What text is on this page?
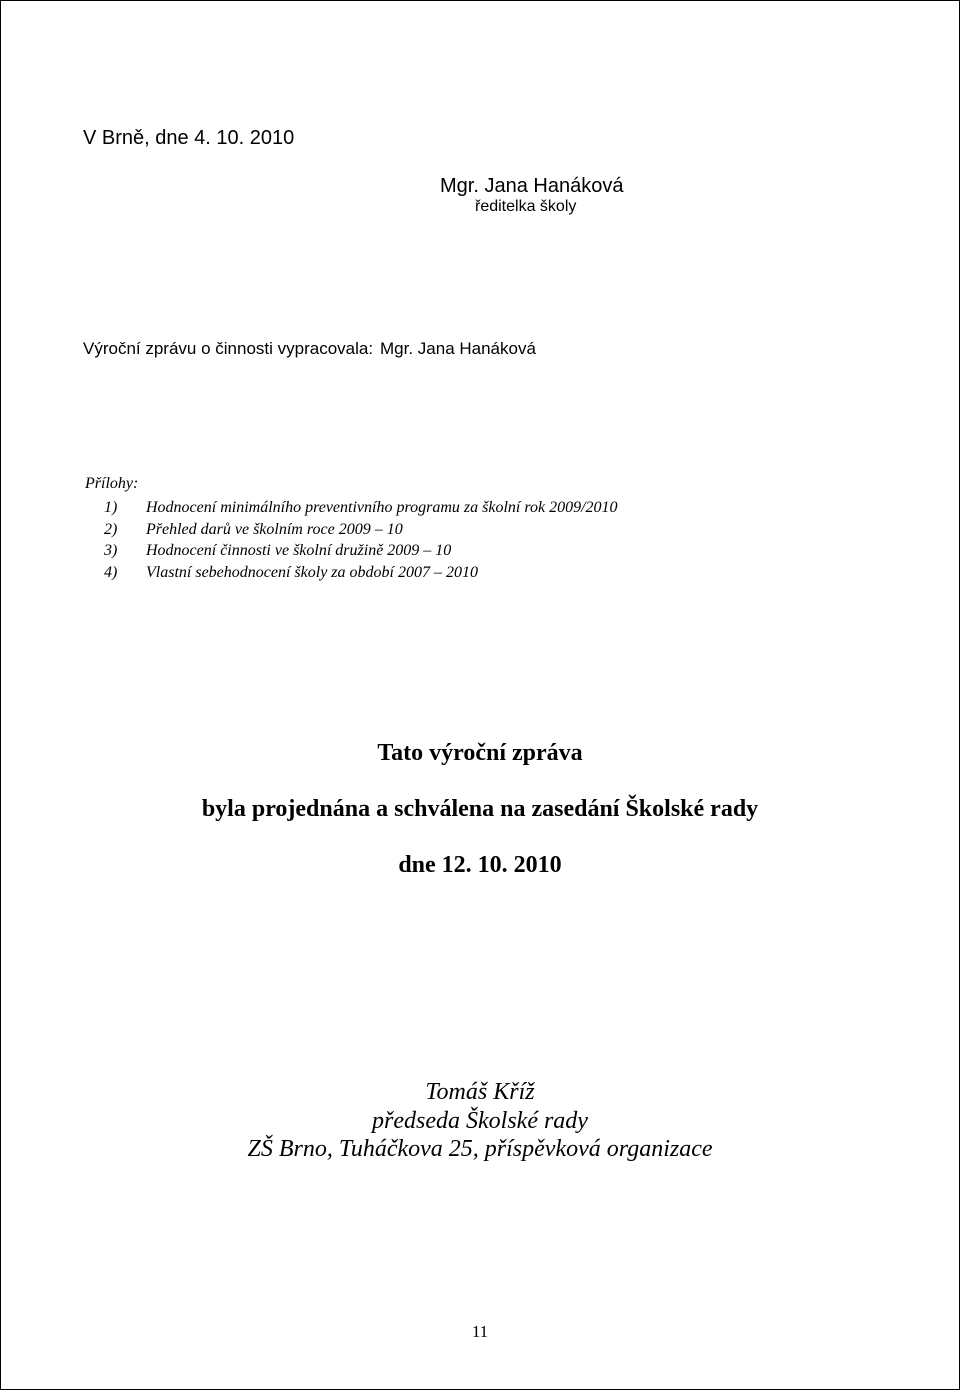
V Brně, dne 4. 10. 2010
Mgr. Jana Hanáková
ředitelka školy
Výroční zprávu o činnosti vypracovala: Mgr. Jana Hanáková
Přílohy:
1) Hodnocení minimálního preventivního programu za školní rok 2009/2010
2) Přehled darů ve školním roce 2009 – 10
3) Hodnocení činnosti ve školní družině 2009 – 10
4) Vlastní sebehodnocení školy za období 2007 – 2010
Tato výroční zpráva
byla projednána a schválena na zasedání Školské rady
dne 12. 10. 2010
Tomáš Kříž
předseda Školské rady
ZŠ Brno, Tuháčkova 25, příspěvková organizace
11
